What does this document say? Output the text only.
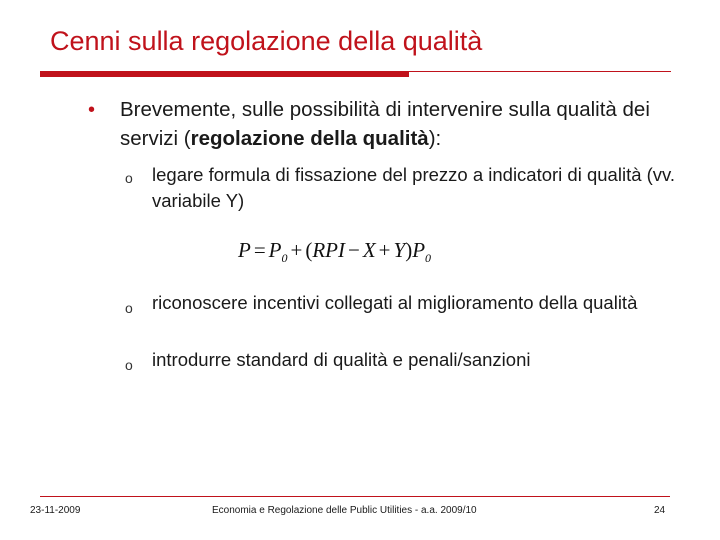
Cenni sulla regolazione della qualità
• Brevemente, sulle possibilità di intervenire sulla qualità dei servizi (regolazione della qualità):
o legare formula di fissazione del prezzo a indicatori di qualità (vv. variabile Y)
$P = P_0 + (RPI - X + Y)P_0$
o riconoscere incentivi collegati al miglioramento della qualità
o introdurre standard di qualità e penali/sanzioni
23-11-2009	Economia e Regolazione delle Public Utilities - a.a. 2009/10	24
